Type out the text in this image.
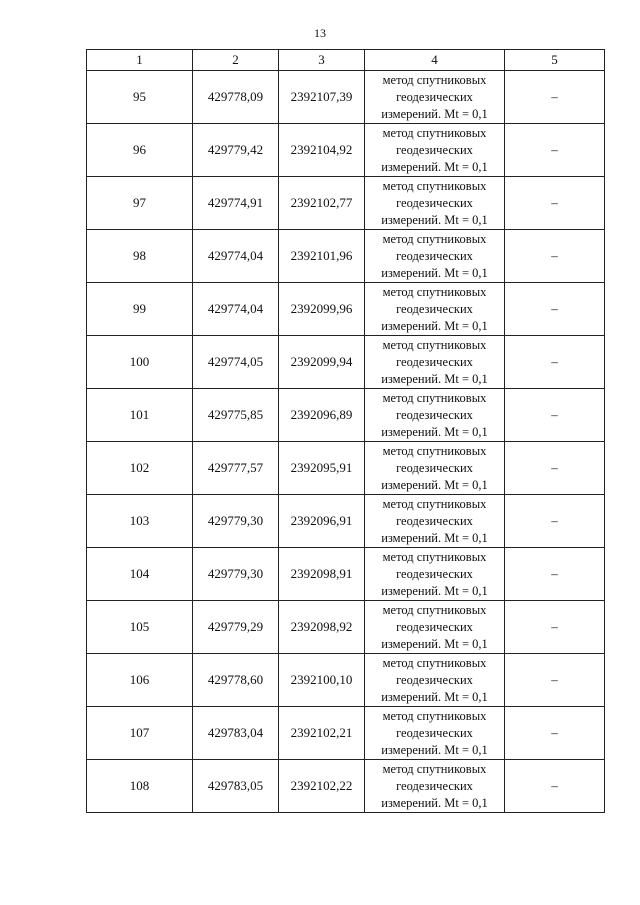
13
1	2	3	4	5
95	429778,09	2392107,39	метод спутниковых
геодезических
измерений. Mt = 0,1	–
96	429779,42	2392104,92	метод спутниковых
геодезических
измерений. Mt = 0,1	–
97	429774,91	2392102,77	метод спутниковых
геодезических
измерений. Mt = 0,1	–
98	429774,04	2392101,96	метод спутниковых
геодезических
измерений. Mt = 0,1	–
99	429774,04	2392099,96	метод спутниковых
геодезических
измерений. Mt = 0,1	–
100	429774,05	2392099,94	метод спутниковых
геодезических
измерений. Mt = 0,1	–
101	429775,85	2392096,89	метод спутниковых
геодезических
измерений. Mt = 0,1	–
102	429777,57	2392095,91	метод спутниковых
геодезических
измерений. Mt = 0,1	–
103	429779,30	2392096,91	метод спутниковых
геодезических
измерений. Mt = 0,1	–
104	429779,30	2392098,91	метод спутниковых
геодезических
измерений. Mt = 0,1	–
105	429779,29	2392098,92	метод спутниковых
геодезических
измерений. Mt = 0,1	–
106	429778,60	2392100,10	метод спутниковых
геодезических
измерений. Mt = 0,1	–
107	429783,04	2392102,21	метод спутниковых
геодезических
измерений. Mt = 0,1	–
108	429783,05	2392102,22	метод спутниковых
геодезических
измерений. Mt = 0,1	–
